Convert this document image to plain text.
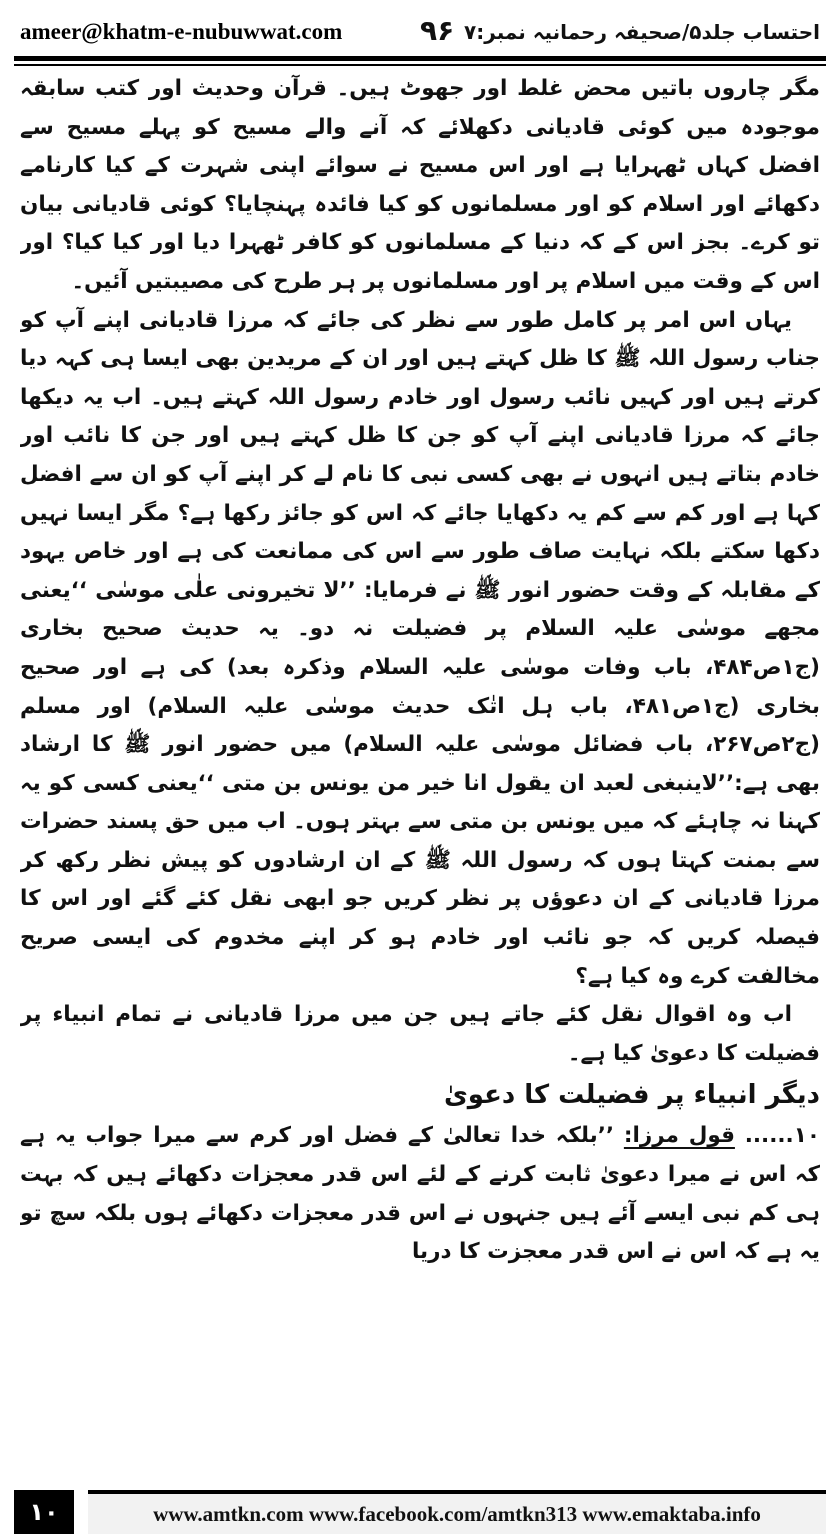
ameer@khatm-e-nubuwwat.com	۹۶ احتساب جلد۵/صحیفہ رحمانیہ نمبر:۷

مگر چاروں باتیں محض غلط اور جھوٹ ہیں۔ قرآن وحدیث اور کتب سابقہ موجودہ میں کوئی قادیانی دکھلائے کہ آنے والے مسیح کو پہلے مسیح سے افضل کہاں ٹھہرایا ہے اور اس مسیح نے سوائے اپنی شہرت کے کیا کارنامے دکھائے اور اسلام کو اور مسلمانوں کو کیا فائدہ پہنچایا؟ کوئی قادیانی بیان تو کرے۔ بجز اس کے کہ دنیا کے مسلمانوں کو کافر ٹھہرا دیا اور کیا کیا؟ اور اس کے وقت میں اسلام پر اور مسلمانوں پر ہر طرح کی مصیبتیں آئیں۔

یہاں اس امر پر کامل طور سے نظر کی جائے کہ مرزا قادیانی اپنے آپ کو جناب رسول اللہ ﷺ کا ظل کہتے ہیں اور ان کے مریدین بھی ایسا ہی کہہ دیا کرتے ہیں اور کہیں نائب رسول اور خادم رسول اللہ کہتے ہیں۔ اب یہ دیکھا جائے کہ مرزا قادیانی اپنے آپ کو جن کا ظل کہتے ہیں اور جن کا نائب اور خادم بتاتے ہیں انہوں نے بھی کسی نبی کا نام لے کر اپنے آپ کو ان سے افضل کہا ہے اور کم سے کم یہ دکھایا جائے کہ اس کو جائز رکھا ہے؟ مگر ایسا نہیں دکھا سکتے بلکہ نہایت صاف طور سے اس کی ممانعت کی ہے اور خاص یہود کے مقابلہ کے وقت حضور انور ﷺ نے فرمایا: ’’لا تخیرونی علٰی موسٰی ‘‘یعنی مجھے موسٰی علیہ السلام پر فضیلت نہ دو۔ یہ حدیث صحیح بخاری (ج۱ص۴۸۴، باب وفات موسٰی علیہ السلام وذکرہ بعد) کی ہے اور صحیح بخاری (ج۱ص۴۸۱، باب ہل اتٰک حدیث موسٰی علیہ السلام) اور مسلم (ج۲ص۲۶۷، باب فضائل موسٰی علیہ السلام) میں حضور انور ﷺ کا ارشاد بھی ہے:’’لاینبغی لعبد ان یقول انا خیر من یونس بن متی ‘‘یعنی کسی کو یہ کہنا نہ چاہئے کہ میں یونس بن متی سے بہتر ہوں۔ اب میں حق پسند حضرات سے بمنت کہتا ہوں کہ رسول اللہ ﷺ کے ان ارشادوں کو پیش نظر رکھ کر مرزا قادیانی کے ان دعوؤں پر نظر کریں جو ابھی نقل کئے گئے اور اس کا فیصلہ کریں کہ جو نائب اور خادم ہو کر اپنے مخدوم کی ایسی صریح مخالفت کرے وہ کیا ہے؟

اب وہ اقوال نقل کئے جاتے ہیں جن میں مرزا قادیانی نے تمام انبیاء پر فضیلت کا دعویٰ کیا ہے۔

دیگر انبیاء پر فضیلت کا دعویٰ

۱۰...... قول مرزا: ’’بلکہ خدا تعالیٰ کے فضل اور کرم سے میرا جواب یہ ہے کہ اس نے میرا دعویٰ ثابت کرنے کے لئے اس قدر معجزات دکھائے ہیں کہ بہت ہی کم نبی ایسے آئے ہیں جنہوں نے اس قدر معجزات دکھائے ہوں بلکہ سچ تو یہ ہے کہ اس نے اس قدر معجزت کا دریا

۱۰	www.amtkn.com www.facebook.com/amtkn313 www.emaktaba.info
